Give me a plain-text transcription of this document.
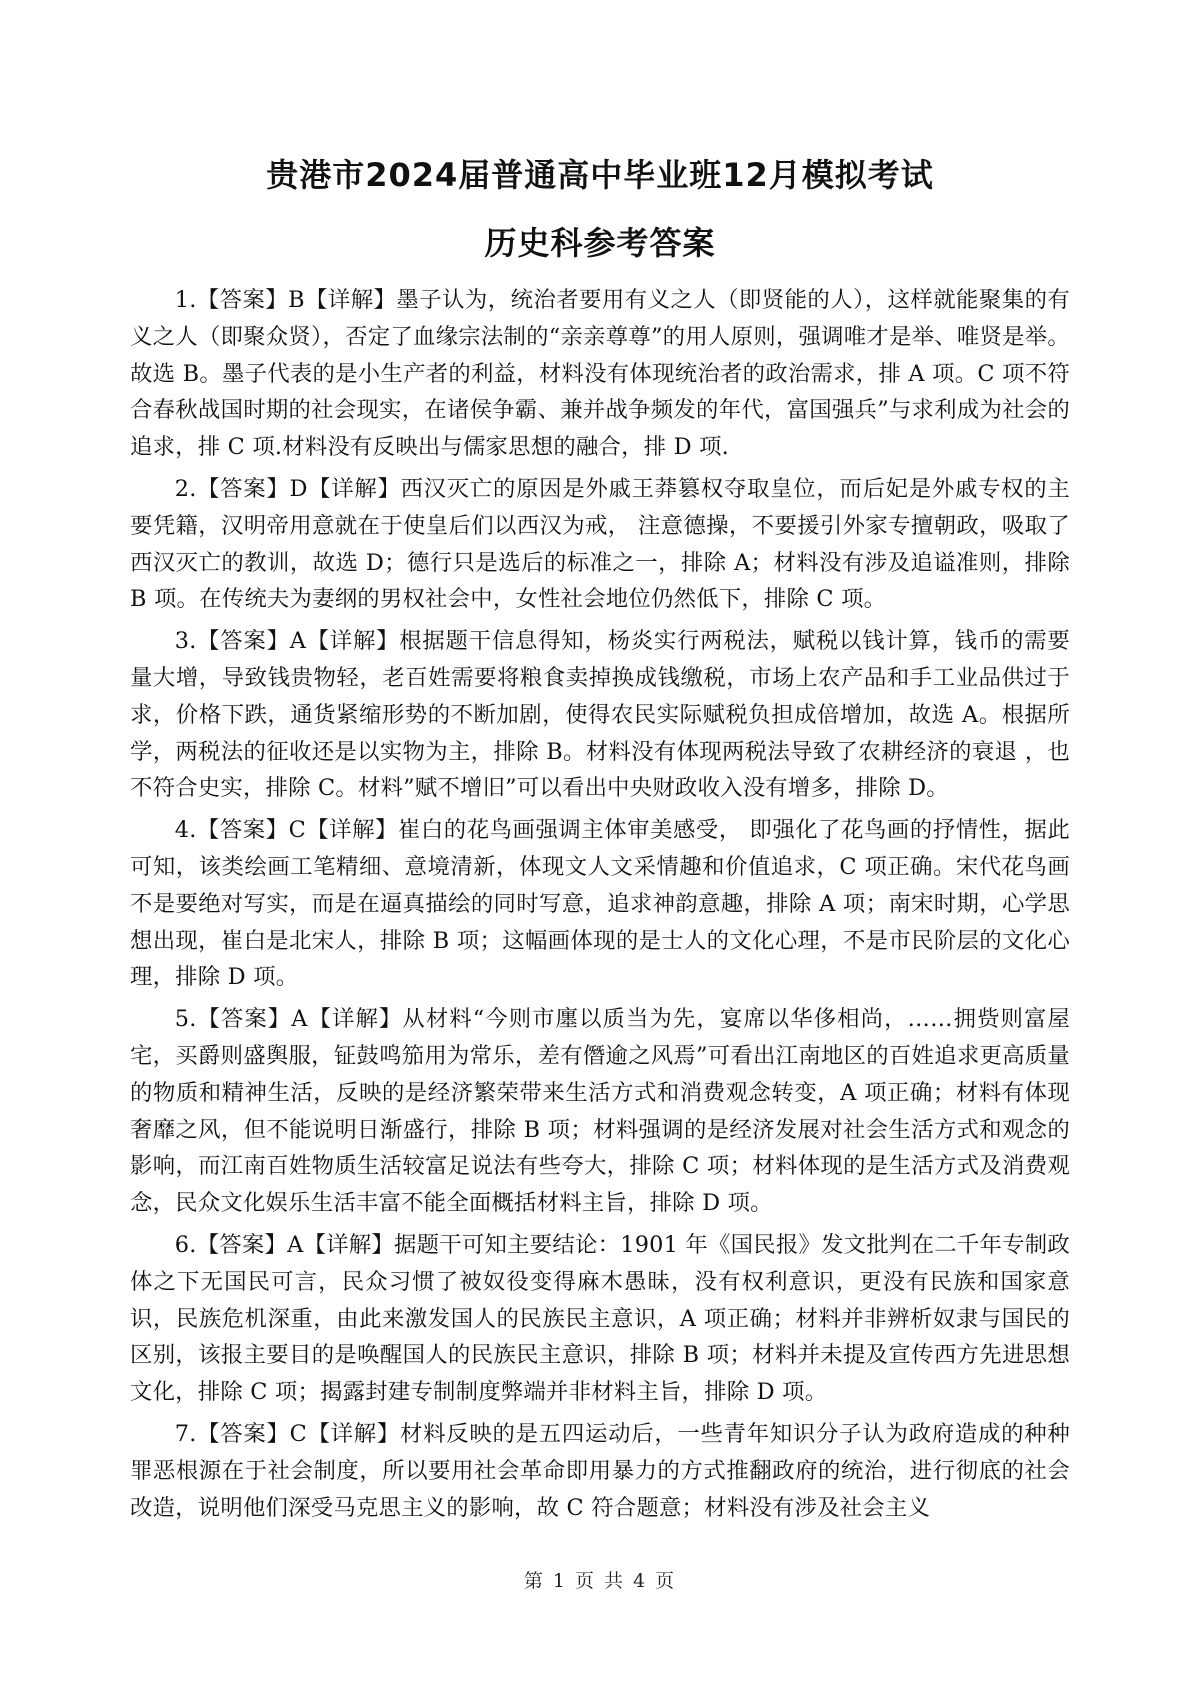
贵港市2024届普通高中毕业班12月模拟考试
历史科参考答案

1.【答案】B【详解】墨子认为，统治者要用有义之人（即贤能的人），这样就能聚集的有义之人（即聚众贤），否定了血缘宗法制的“亲亲尊尊”的用人原则，强调唯才是举、唯贤是举。故选 B。墨子代表的是小生产者的利益，材料没有体现统治者的政治需求，排 A 项。C 项不符合春秋战国时期的社会现实，在诸侯争霸、兼并战争频发的年代，富国强兵”与求利成为社会的追求，排 C 项.材料没有反映出与儒家思想的融合，排 D 项.

2.【答案】D【详解】西汉灭亡的原因是外戚王莽篡权夺取皇位，而后妃是外戚专权的主要凭籍，汉明帝用意就在于使皇后们以西汉为戒， 注意德操，不要援引外家专擅朝政，吸取了西汉灭亡的教训，故选 D；德行只是选后的标准之一，排除 A；材料没有涉及追谥准则，排除 B 项。在传统夫为妻纲的男权社会中，女性社会地位仍然低下，排除 C 项。

3.【答案】A【详解】根据题干信息得知，杨炎实行两税法，赋税以钱计算，钱币的需要量大增，导致钱贵物轻，老百姓需要将粮食卖掉换成钱缴税，市场上农产品和手工业品供过于求，价格下跌，通货紧缩形势的不断加剧，使得农民实际赋税负担成倍增加，故选 A。根据所学，两税法的征收还是以实物为主，排除 B。材料没有体现两税法导致了农耕经济的衰退 ，也不符合史实，排除 C。材料”赋不增旧”可以看出中央财政收入没有增多，排除 D。

4.【答案】C【详解】崔白的花鸟画强调主体审美感受， 即强化了花鸟画的抒情性，据此可知，该类绘画工笔精细、意境清新，体现文人文采情趣和价值追求，C 项正确。宋代花鸟画不是要绝对写实，而是在逼真描绘的同时写意，追求神韵意趣，排除 A 项；南宋时期，心学思想出现，崔白是北宋人，排除 B 项；这幅画体现的是士人的文化心理，不是市民阶层的文化心理，排除 D 项。

5.【答案】A【详解】从材料“今则市廛以质当为先，宴席以华侈相尚，……拥赀则富屋宅，买爵则盛舆服，钲鼓鸣笳用为常乐，差有僭逾之风焉”可看出江南地区的百姓追求更高质量的物质和精神生活，反映的是经济繁荣带来生活方式和消费观念转变，A 项正确；材料有体现奢靡之风，但不能说明日渐盛行，排除 B 项；材料强调的是经济发展对社会生活方式和观念的影响，而江南百姓物质生活较富足说法有些夸大，排除 C 项；材料体现的是生活方式及消费观念，民众文化娱乐生活丰富不能全面概括材料主旨，排除 D 项。

6.【答案】A【详解】据题干可知主要结论：1901 年《国民报》发文批判在二千年专制政体之下无国民可言，民众习惯了被奴役变得麻木愚昧，没有权利意识，更没有民族和国家意识，民族危机深重，由此来激发国人的民族民主意识，A 项正确；材料并非辨析奴隶与国民的区别，该报主要目的是唤醒国人的民族民主意识，排除 B 项；材料并未提及宣传西方先进思想文化，排除 C 项；揭露封建专制制度弊端并非材料主旨，排除 D 项。

7.【答案】C【详解】材料反映的是五四运动后，一些青年知识分子认为政府造成的种种罪恶根源在于社会制度，所以要用社会革命即用暴力的方式推翻政府的统治，进行彻底的社会改造，说明他们深受马克思主义的影响，故 C 符合题意；材料没有涉及社会主义

第 1 页 共 4 页
